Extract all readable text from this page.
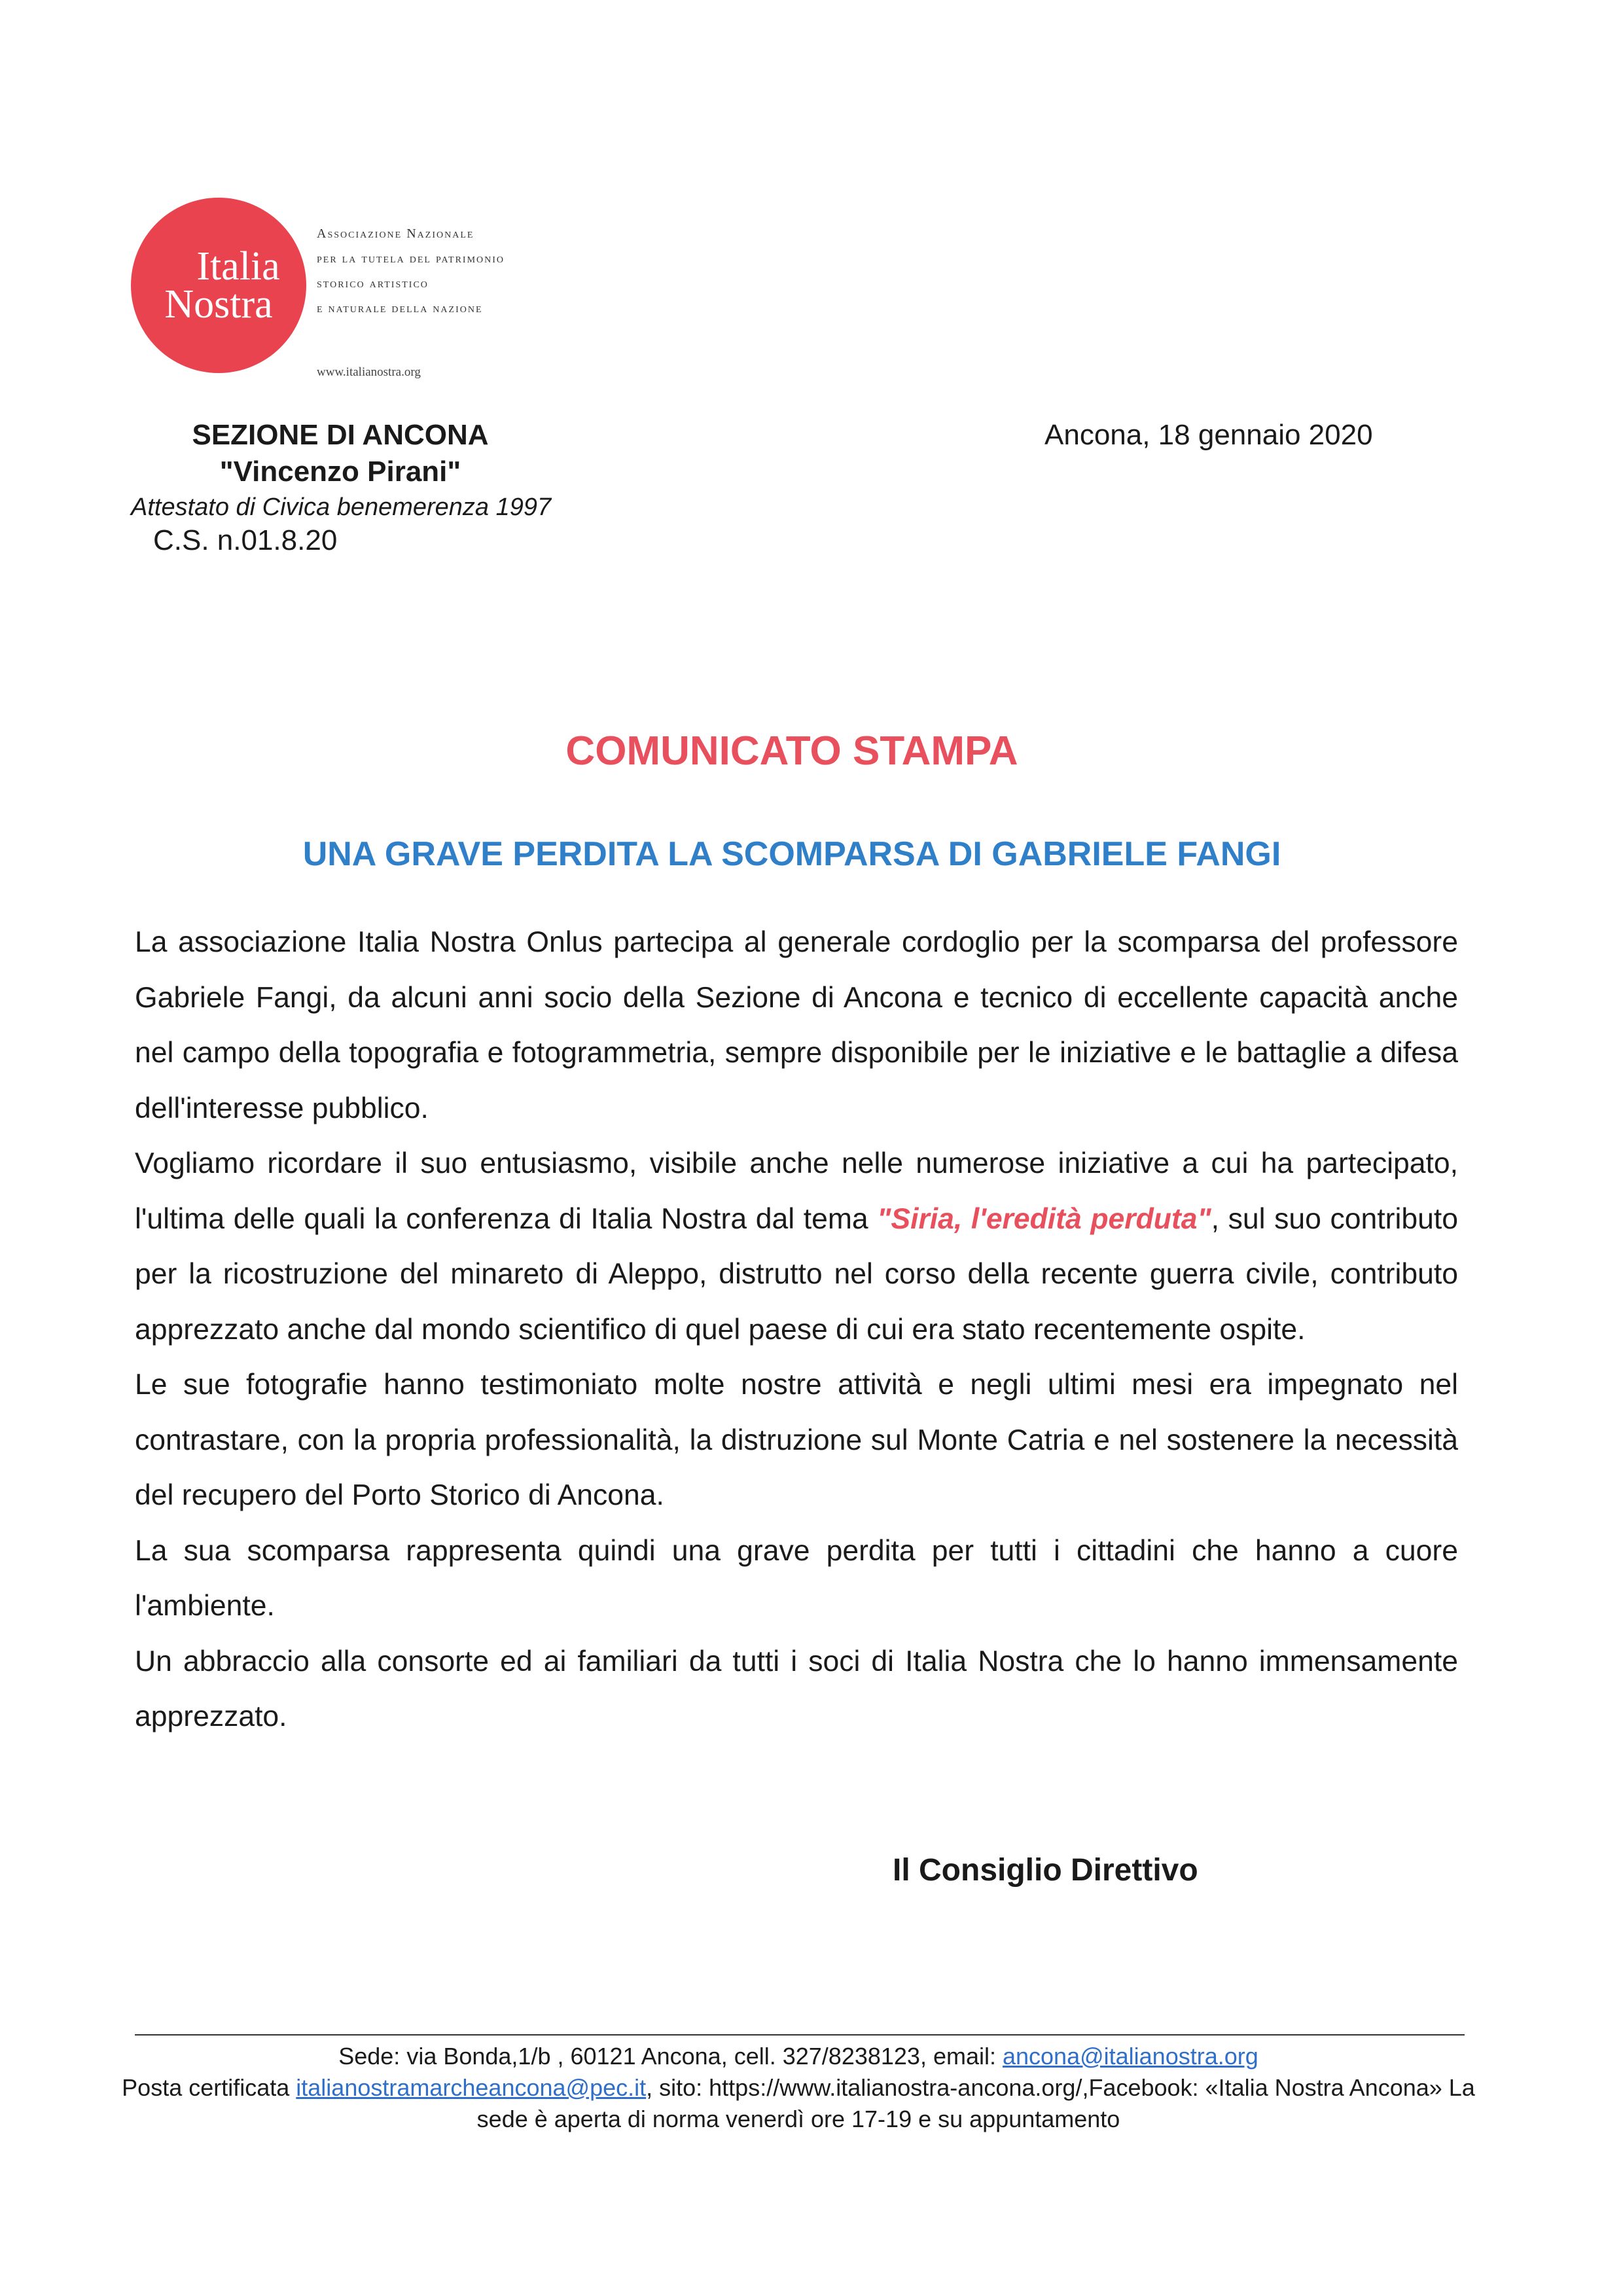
Italia
Nostra
Associazione Nazionale
per la tutela del patrimonio
storico artistico
e naturale della nazione
www.italianostra.org
SEZIONE DI ANCONA
"Vincenzo Pirani"
Attestato di Civica benemerenza 1997
C.S. n.01.8.20
Ancona, 18 gennaio 2020
COMUNICATO STAMPA
UNA GRAVE PERDITA LA SCOMPARSA DI GABRIELE FANGI

La associazione Italia Nostra Onlus partecipa al generale cordoglio per la scomparsa del professore Gabriele Fangi, da alcuni anni socio della Sezione di Ancona e tecnico di eccellente capacità anche nel campo della topografia e fotogrammetria, sempre disponibile per le iniziative e le battaglie a difesa dell'interesse pubblico.

Vogliamo ricordare il suo entusiasmo, visibile anche nelle numerose iniziative a cui ha partecipato, l'ultima delle quali la conferenza di Italia Nostra dal tema "Siria, l'eredità perduta", sul suo contributo per la ricostruzione del minareto di Aleppo, distrutto nel corso della recente guerra civile, contributo apprezzato anche dal mondo scientifico di quel paese di cui era stato recentemente ospite.

Le sue fotografie hanno testimoniato molte nostre attività e negli ultimi mesi era impegnato nel contrastare, con la propria professionalità, la distruzione sul Monte Catria e nel sostenere la necessità del recupero del Porto Storico di Ancona.

La sua scomparsa rappresenta quindi una grave perdita per tutti i cittadini che hanno a cuore l'ambiente.

Un abbraccio alla consorte ed ai familiari da tutti i soci di Italia Nostra che lo hanno immensamente apprezzato.

Il Consiglio Direttivo
Sede: via Bonda,1/b , 60121 Ancona, cell. 327/8238123, email: ancona@italianostra.org
Posta certificata italianostramarcheancona@pec.it, sito: https://www.italianostra-ancona.org/,Facebook: «Italia Nostra Ancona» La sede è aperta di norma venerdì ore 17-19 e su appuntamento
